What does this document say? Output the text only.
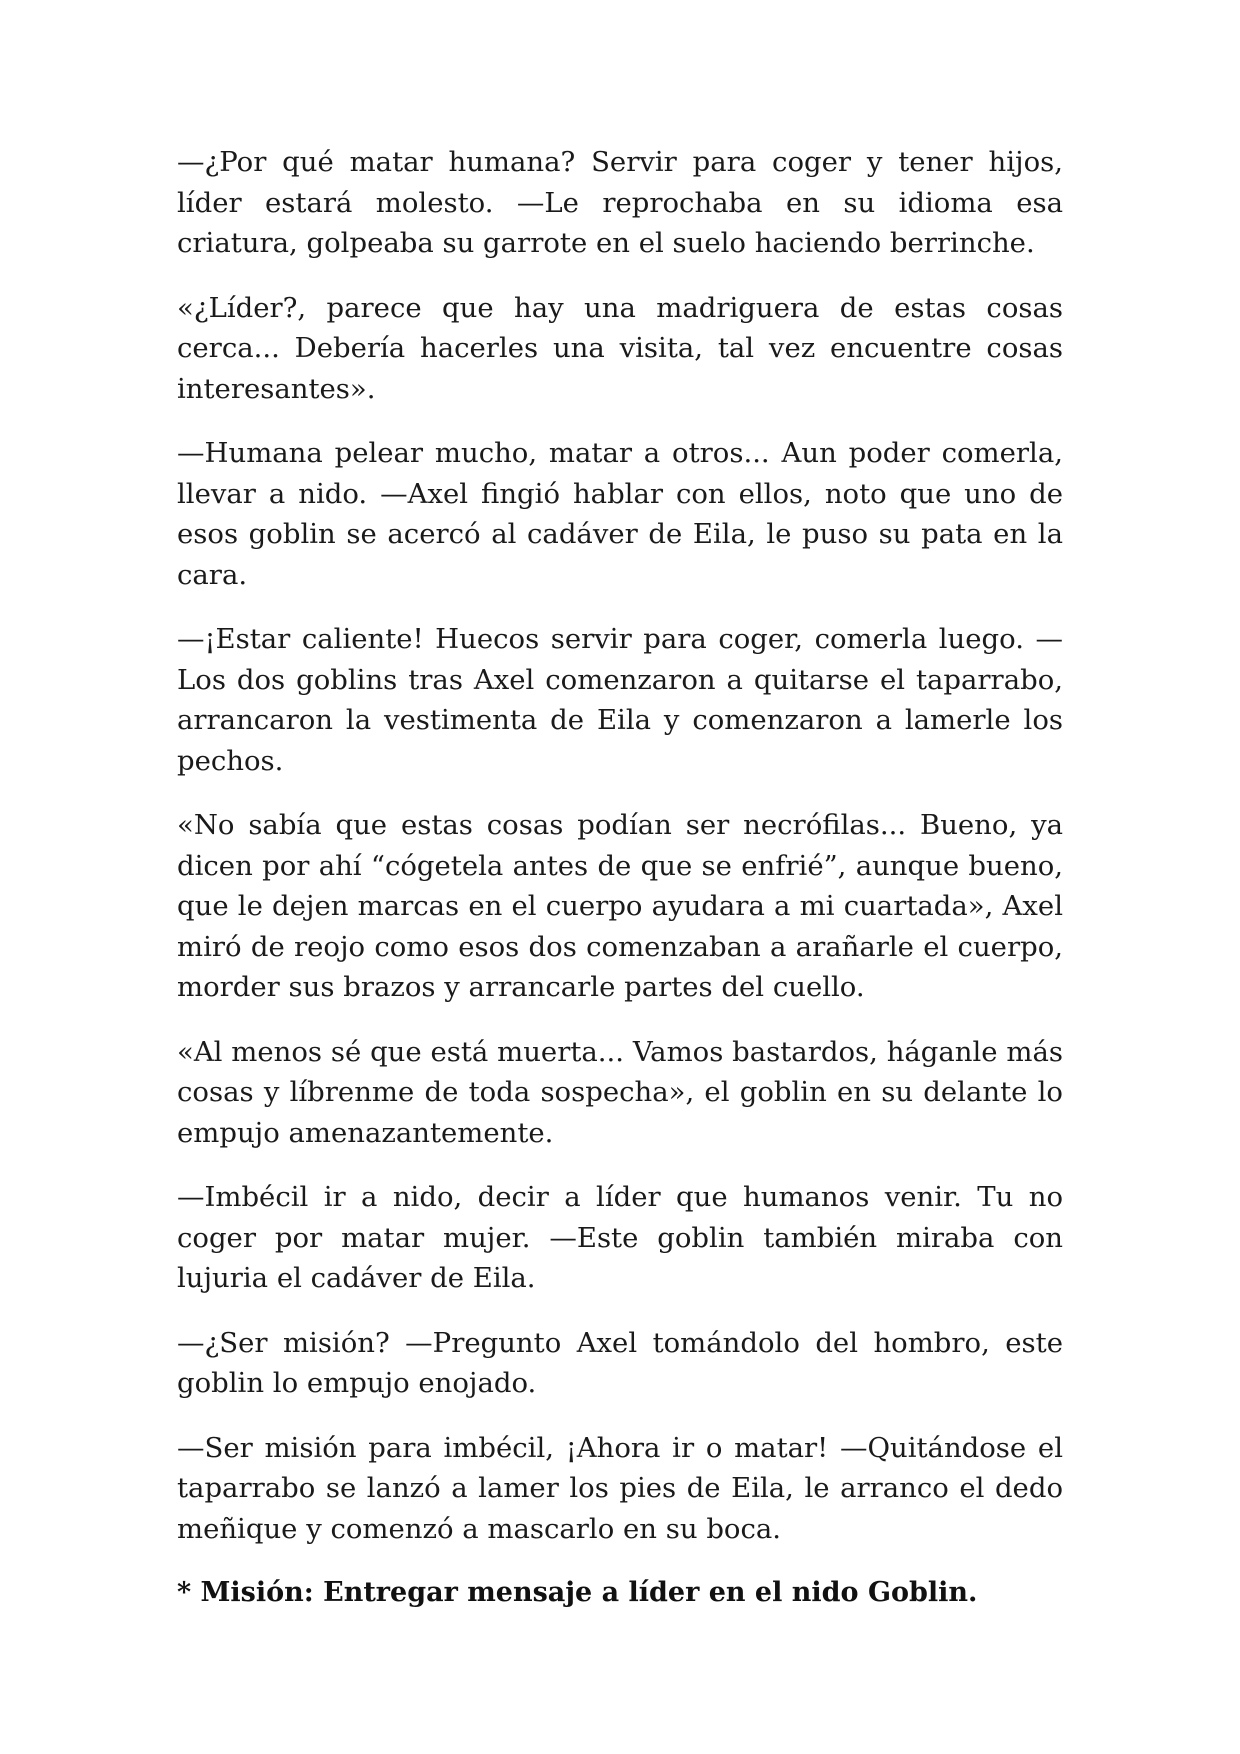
—¿Por qué matar humana? Servir para coger y tener hijos, líder estará molesto. —Le reprochaba en su idioma esa criatura, golpeaba su garrote en el suelo haciendo berrinche.

«¿Líder?, parece que hay una madriguera de estas cosas cerca... Debería hacerles una visita, tal vez encuentre cosas interesantes».

—Humana pelear mucho, matar a otros... Aun poder comerla, llevar a nido. —Axel fingió hablar con ellos, noto que uno de esos goblin se acercó al cadáver de Eila, le puso su pata en la cara.

—¡Estar caliente! Huecos servir para coger, comerla luego. —Los dos goblins tras Axel comenzaron a quitarse el taparrabo, arrancaron la vestimenta de Eila y comenzaron a lamerle los pechos.

«No sabía que estas cosas podían ser necrófilas... Bueno, ya dicen por ahí “cógetela antes de que se enfrié”, aunque bueno, que le dejen marcas en el cuerpo ayudara a mi cuartada», Axel miró de reojo como esos dos comenzaban a arañarle el cuerpo, morder sus brazos y arrancarle partes del cuello.

«Al menos sé que está muerta... Vamos bastardos, háganle más cosas y líbrenme de toda sospecha», el goblin en su delante lo empujo amenazantemente.

—Imbécil ir a nido, decir a líder que humanos venir. Tu no coger por matar mujer. —Este goblin también miraba con lujuria el cadáver de Eila.

—¿Ser misión? —Pregunto Axel tomándolo del hombro, este goblin lo empujo enojado.

—Ser misión para imbécil, ¡Ahora ir o matar! —Quitándose el taparrabo se lanzó a lamer los pies de Eila, le arranco el dedo meñique y comenzó a mascarlo en su boca.

* Misión: Entregar mensaje a líder en el nido Goblin.
